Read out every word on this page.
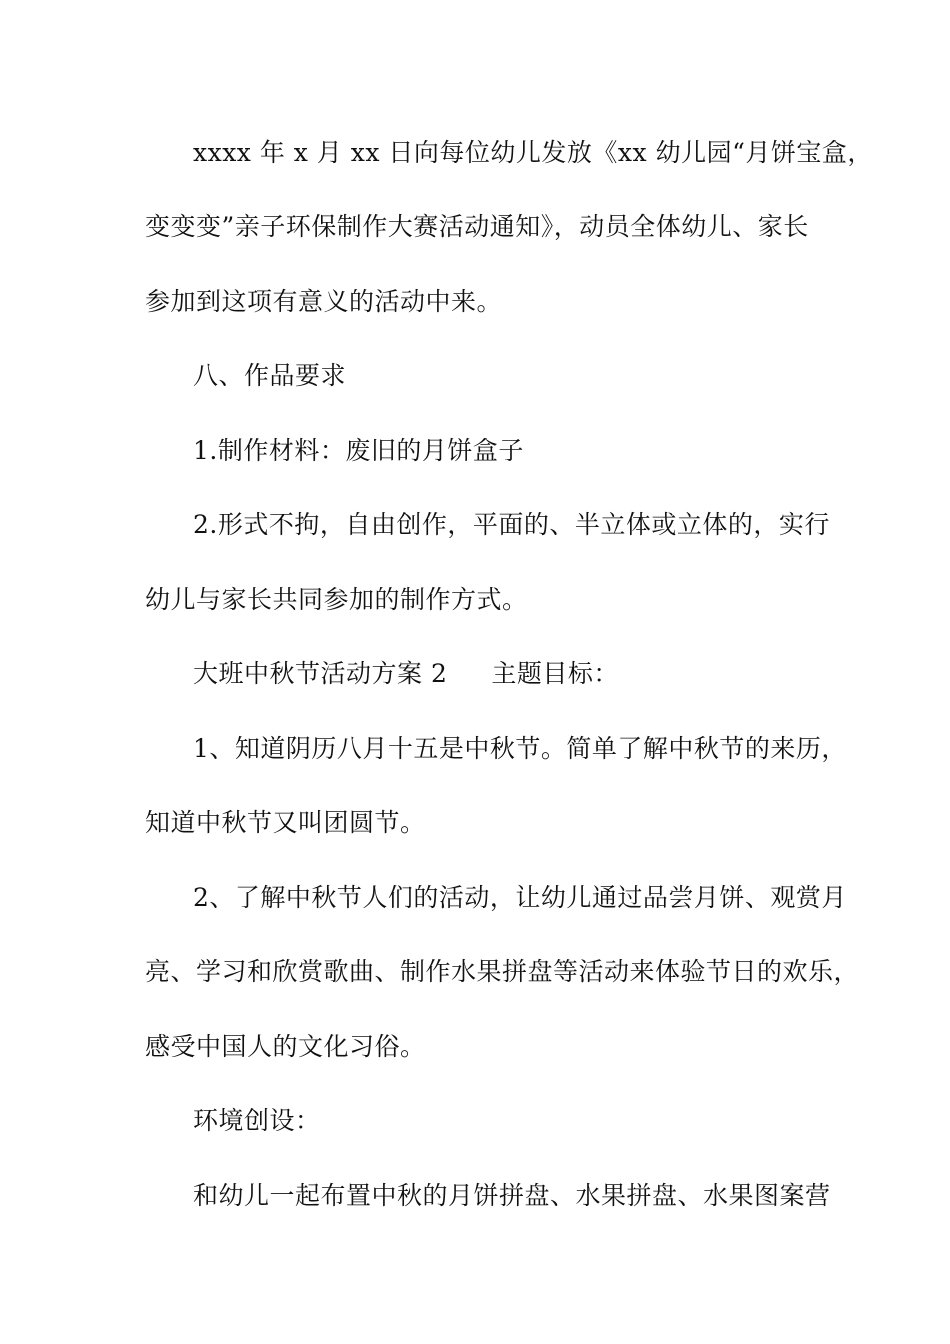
xxxx 年 x 月 xx 日向每位幼儿发放《xx 幼儿园“月饼宝盒，
变变变”亲子环保制作大赛活动通知》，动员全体幼儿、家长
参加到这项有意义的活动中来。
八、作品要求
1.制作材料：废旧的月饼盒子
2.形式不拘，自由创作，平面的、半立体或立体的，实行
幼儿与家长共同参加的制作方式。
大班中秋节活动方案 2 主题目标：
1、知道阴历八月十五是中秋节。简单了解中秋节的来历，
知道中秋节又叫团圆节。
2、了解中秋节人们的活动，让幼儿通过品尝月饼、观赏月
亮、学习和欣赏歌曲、制作水果拼盘等活动来体验节日的欢乐，
感受中国人的文化习俗。
环境创设：
和幼儿一起布置中秋的月饼拼盘、水果拼盘、水果图案营
